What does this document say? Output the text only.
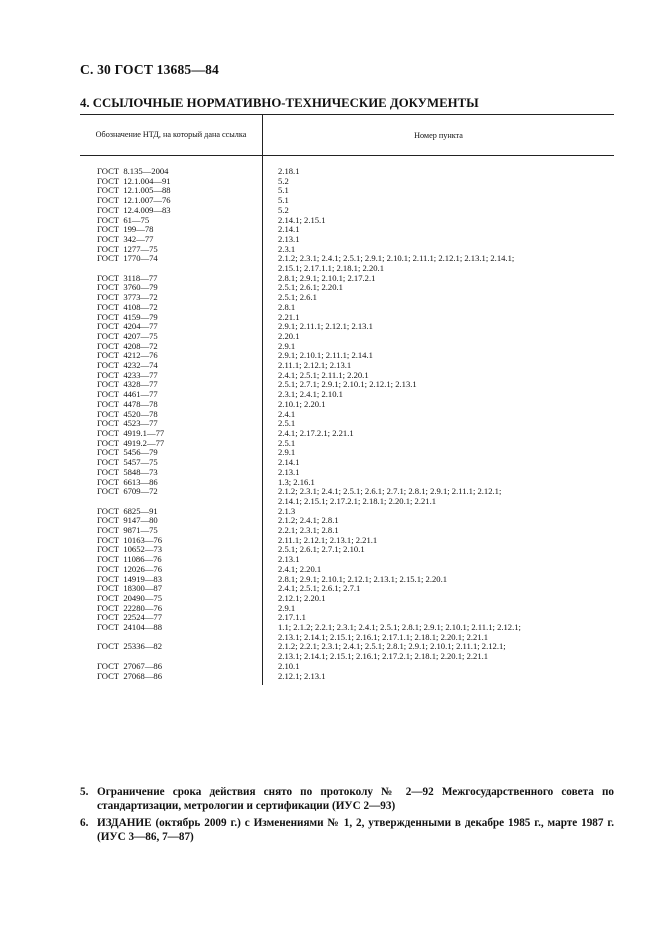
С. 30 ГОСТ 13685—84
4. ССЫЛОЧНЫЕ НОРМАТИВНО-ТЕХНИЧЕСКИЕ ДОКУМЕНТЫ
Обозначение НТД, на который дана ссылка	Номер пункта
ГОСТ  8.135—2004	2.18.1
ГОСТ  12.1.004—91	5.2
ГОСТ  12.1.005—88	5.1
ГОСТ  12.1.007—76	5.1
ГОСТ  12.4.009—83	5.2
ГОСТ  61—75	2.14.1; 2.15.1
ГОСТ  199—78	2.14.1
ГОСТ  342—77	2.13.1
ГОСТ  1277—75	2.3.1
ГОСТ  1770—74	2.1.2; 2.3.1; 2.4.1; 2.5.1; 2.9.1; 2.10.1; 2.11.1; 2.12.1; 2.13.1; 2.14.1;
2.15.1; 2.17.1.1; 2.18.1; 2.20.1
ГОСТ  3118—77	2.8.1; 2.9.1; 2.10.1; 2.17.2.1
ГОСТ  3760—79	2.5.1; 2.6.1; 2.20.1
ГОСТ  3773—72	2.5.1; 2.6.1
ГОСТ  4108—72	2.8.1
ГОСТ  4159—79	2.21.1
ГОСТ  4204—77	2.9.1; 2.11.1; 2.12.1; 2.13.1
ГОСТ  4207—75	2.20.1
ГОСТ  4208—72	2.9.1
ГОСТ  4212—76	2.9.1; 2.10.1; 2.11.1; 2.14.1
ГОСТ  4232—74	2.11.1; 2.12.1; 2.13.1
ГОСТ  4233—77	2.4.1; 2.5.1; 2.11.1; 2.20.1
ГОСТ  4328—77	2.5.1; 2.7.1; 2.9.1; 2.10.1; 2.12.1; 2.13.1
ГОСТ  4461—77	2.3.1; 2.4.1; 2.10.1
ГОСТ  4478—78	2.10.1; 2.20.1
ГОСТ  4520—78	2.4.1
ГОСТ  4523—77	2.5.1
ГОСТ  4919.1—77	2.4.1; 2.17.2.1; 2.21.1
ГОСТ  4919.2—77	2.5.1
ГОСТ  5456—79	2.9.1
ГОСТ  5457—75	2.14.1
ГОСТ  5848—73	2.13.1
ГОСТ  6613—86	1.3; 2.16.1
ГОСТ  6709—72	2.1.2; 2.3.1; 2.4.1; 2.5.1; 2.6.1; 2.7.1; 2.8.1; 2.9.1; 2.11.1; 2.12.1;
2.14.1; 2.15.1; 2.17.2.1; 2.18.1; 2.20.1; 2.21.1
ГОСТ  6825—91	2.1.3
ГОСТ  9147—80	2.1.2; 2.4.1; 2.8.1
ГОСТ  9871—75	2.2.1; 2.3.1; 2.8.1
ГОСТ  10163—76	2.11.1; 2.12.1; 2.13.1; 2.21.1
ГОСТ  10652—73	2.5.1; 2.6.1; 2.7.1; 2.10.1
ГОСТ  11086—76	2.13.1
ГОСТ  12026—76	2.4.1; 2.20.1
ГОСТ  14919—83	2.8.1; 2.9.1; 2.10.1; 2.12.1; 2.13.1; 2.15.1; 2.20.1
ГОСТ  18300—87	2.4.1; 2.5.1; 2.6.1; 2.7.1
ГОСТ  20490—75	2.12.1; 2.20.1
ГОСТ  22280—76	2.9.1
ГОСТ  22524—77	2.17.1.1
ГОСТ  24104—88	1.1; 2.1.2; 2.2.1; 2.3.1; 2.4.1; 2.5.1; 2.8.1; 2.9.1; 2.10.1; 2.11.1; 2.12.1;
2.13.1; 2.14.1; 2.15.1; 2.16.1; 2.17.1.1; 2.18.1; 2.20.1; 2.21.1
ГОСТ  25336—82	2.1.2; 2.2.1; 2.3.1; 2.4.1; 2.5.1; 2.8.1; 2.9.1; 2.10.1; 2.11.1; 2.12.1;
2.13.1; 2.14.1; 2.15.1; 2.16.1; 2.17.2.1; 2.18.1; 2.20.1; 2.21.1
ГОСТ  27067—86	2.10.1
ГОСТ  27068—86	2.12.1; 2.13.1
5. Ограничение срока действия снято по протоколу № 2—92 Межгосударственного совета по стандартизации, метрологии и сертификации (ИУС 2—93)
6. ИЗДАНИЕ (октябрь 2009 г.) с Изменениями № 1, 2, утвержденными в декабре 1985 г., марте 1987 г. (ИУС 3—86, 7—87)
